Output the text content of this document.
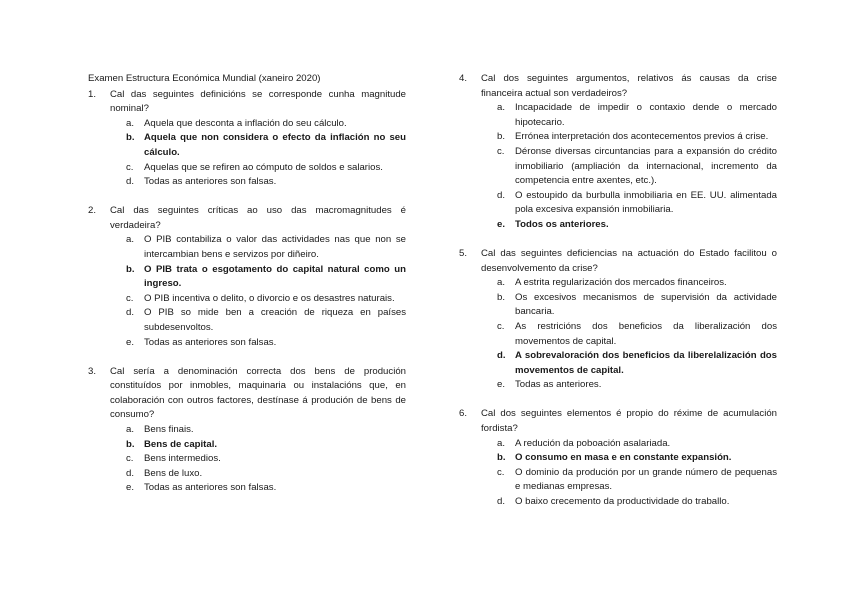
Examen Estructura Económica Mundial (xaneiro 2020)
1.	Cal das seguintes definicións se corresponde cunha magnitude nominal?
a.	Aquela que desconta a inflación do seu cálculo.
b. Aquela que non considera o efecto da inflación no seu cálculo.
c.	Aquelas que se refiren ao cómputo de soldos e salarios.
d.	Todas as anteriores son falsas.
2.	Cal das seguintes críticas ao uso das macromagnitudes é verdadeira?
a.	O PIB contabiliza o valor das actividades nas que non se intercambian bens e servizos por diñeiro.
b. O PIB trata o esgotamento do capital natural como un ingreso.
c.	O PIB incentiva o delito, o divorcio e os desastres naturais.
d.	O PIB so mide ben a creación de riqueza en países subdesenvoltos.
e.	Todas as anteriores son falsas.
3.	Cal sería a denominación correcta dos bens de produción constituídos por inmobles, maquinaria ou instalacións que, en colaboración con outros factores, destínase á produción de bens de consumo?
a.	Bens finais.
b. Bens de capital.
c.	Bens intermedios.
d.	Bens de luxo.
e.	Todas as anteriores son falsas.
4.	Cal dos seguintes argumentos, relativos ás causas da crise financeira actual son verdadeiros?
a.	Incapacidade de impedir o contaxio dende o mercado hipotecario.
b.	Errónea interpretación dos acontecementos previos á crise.
c.	Déronse diversas circuntancias para a expansión do crédito inmobiliario (ampliación da internacional, incremento da competencia entre axentes, etc.).
d.	O estoupido da burbulla inmobiliaria en EE. UU. alimentada pola excesiva expansión inmobiliaria.
e.	Todos os anteriores.
5.	Cal das seguintes deficiencias na actuación do Estado facilitou o desenvolvemento da crise?
a.	A estrita regularización dos mercados financeiros.
b.	Os excesivos mecanismos de supervisión da actividade bancaria.
c.	As restricións dos beneficios da liberalización dos movementos de capital.
d. A sobrevaloración dos beneficios da liberelalización dos movementos de capital.
e.	Todas as anteriores.
6.	Cal dos seguintes elementos é propio do réxime de acumulación fordista?
a.	A redución da poboación asalariada.
b. O consumo en masa e en constante expansión.
c.	O dominio da produción por un grande número de pequenas e medianas empresas.
d.	O baixo crecemento da productividade do traballo.
